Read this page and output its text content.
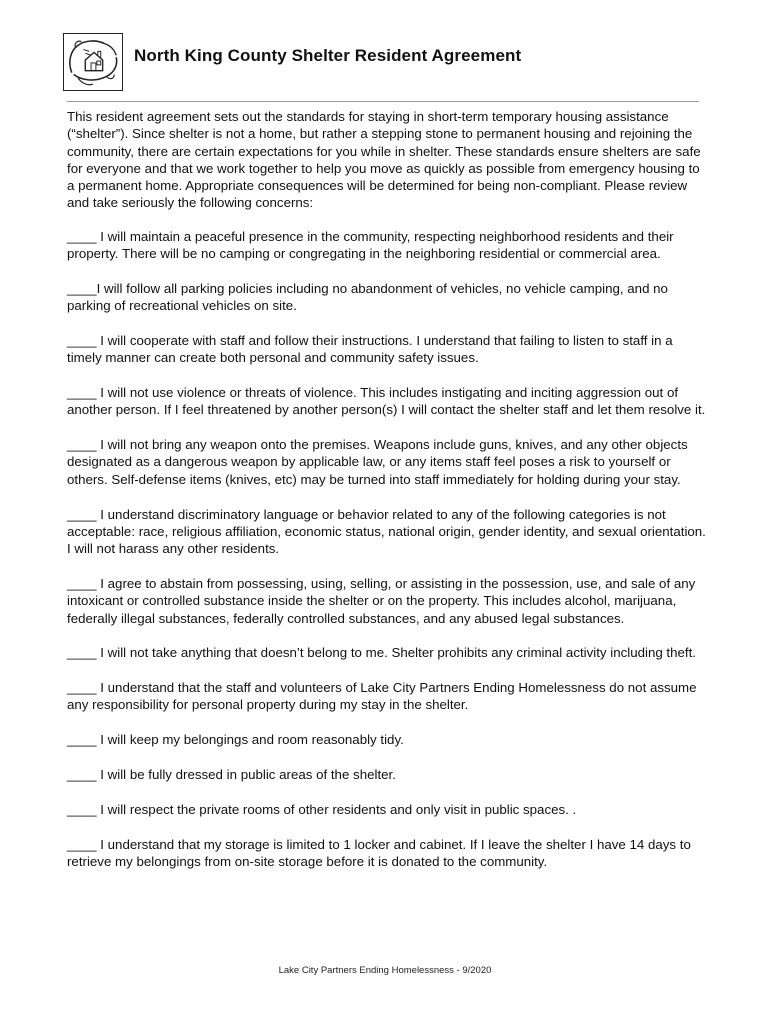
North King County Shelter Resident Agreement

This resident agreement sets out the standards for staying in short-term temporary housing assistance (“shelter”). Since shelter is not a home, but rather a stepping stone to permanent housing and rejoining the community, there are certain expectations for you while in shelter. These standards ensure shelters are safe for everyone and that we work together to help you move as quickly as possible from emergency housing to a permanent home. Appropriate consequences will be determined for being non-compliant. Please review and take seriously the following concerns:

____ I will maintain a peaceful presence in the community, respecting neighborhood residents and their property. There will be no camping or congregating in the neighboring residential or commercial area.

____I will follow all parking policies including no abandonment of vehicles, no vehicle camping, and no parking of recreational vehicles on site.

____ I will cooperate with staff and follow their instructions. I understand that failing to listen to staff in a timely manner can create both personal and community safety issues.

____ I will not use violence or threats of violence. This includes instigating and inciting aggression out of another person. If I feel threatened by another person(s) I will contact the shelter staff and let them resolve it.

____ I will not bring any weapon onto the premises. Weapons include guns, knives, and any other objects designated as a dangerous weapon by applicable law, or any items staff feel poses a risk to yourself or others. Self-defense items (knives, etc) may be turned into staff immediately for holding during your stay.

____ I understand discriminatory language or behavior related to any of the following categories is not acceptable: race, religious affiliation, economic status, national origin, gender identity, and sexual orientation. I will not harass any other residents.

____ I agree to abstain from possessing, using, selling, or assisting in the possession, use, and sale of any intoxicant or controlled substance inside the shelter or on the property. This includes alcohol, marijuana, federally illegal substances, federally controlled substances, and any abused legal substances.

____ I will not take anything that doesn’t belong to me. Shelter prohibits any criminal activity including theft.

____ I understand that the staff and volunteers of Lake City Partners Ending Homelessness do not assume any responsibility for personal property during my stay in the shelter.

____ I will keep my belongings and room reasonably tidy.

____ I will be fully dressed in public areas of the shelter.

____ I will respect the private rooms of other residents and only visit in public spaces. .

____ I understand that my storage is limited to 1 locker and cabinet. If I leave the shelter I have 14 days to retrieve my belongings from on-site storage before it is donated to the community.

Lake City Partners Ending Homelessness - 9/2020
